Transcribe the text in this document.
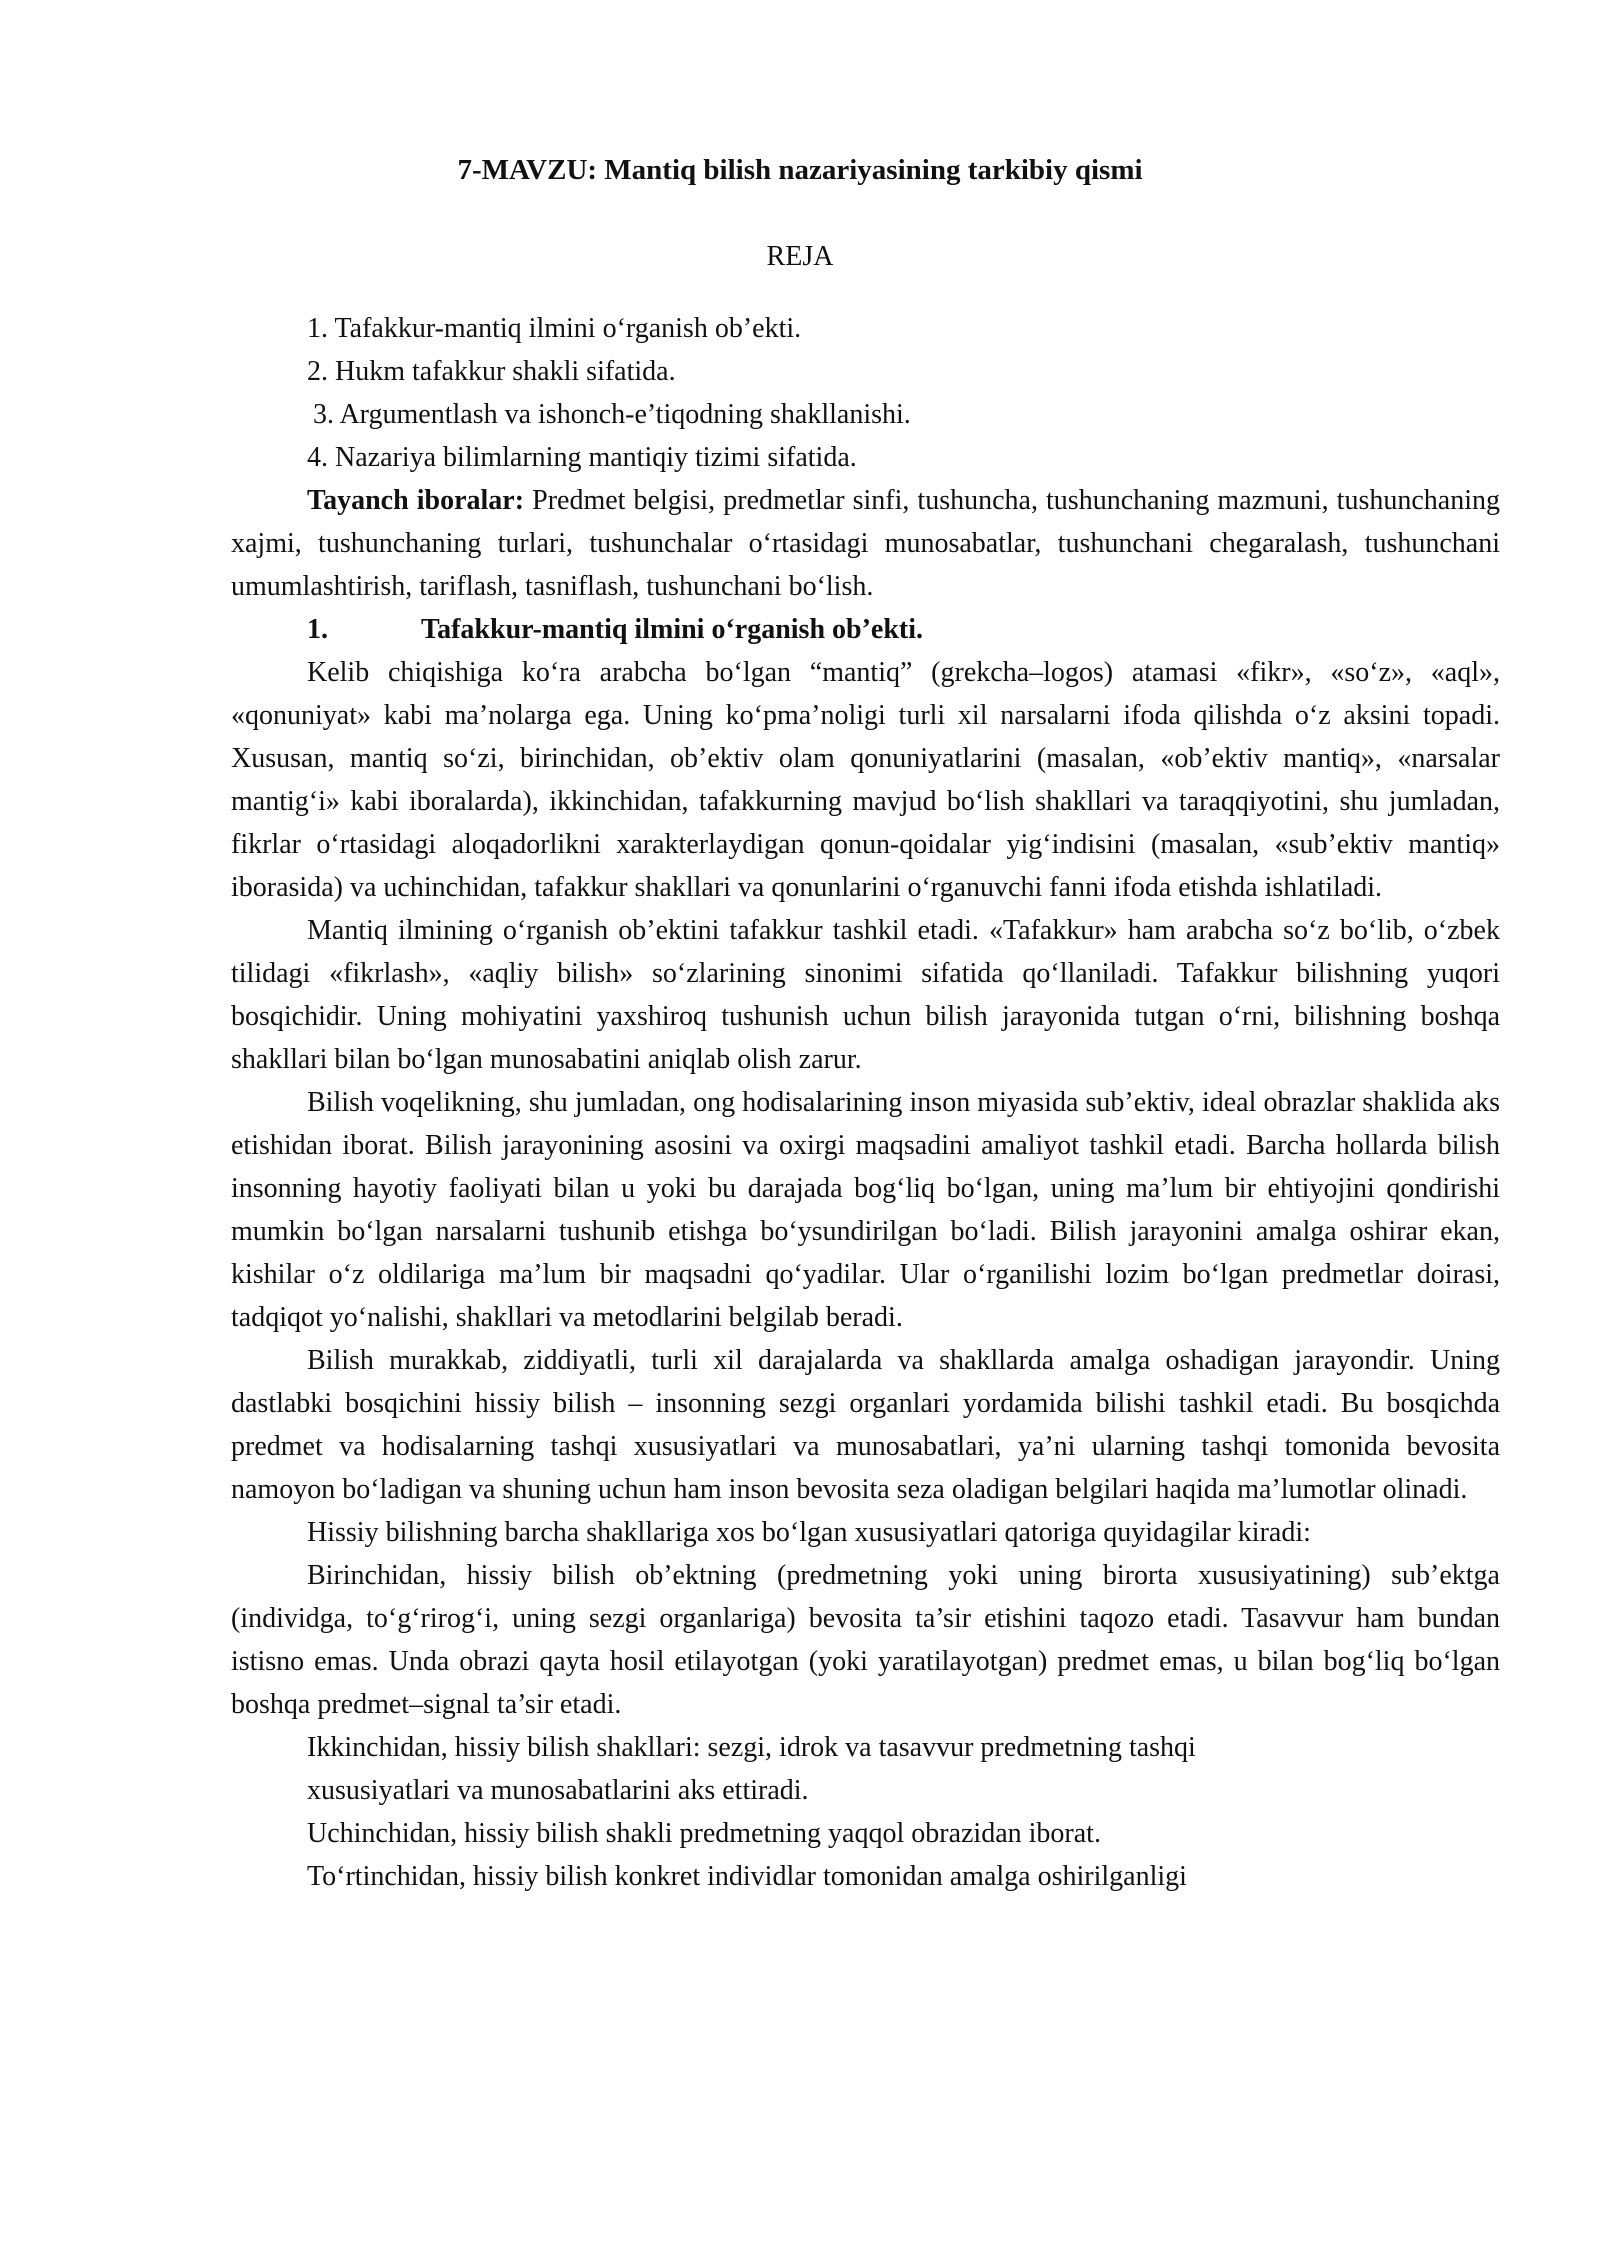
7-MAVZU: Mantiq bilish nazariyasining tarkibiy qismi
REJA

1. Tafakkur-mantiq ilmini o‘rganish ob’ekti.

2. Hukm tafakkur shakli sifatida.

3. Argumentlash va ishonch-e’tiqodning shakllanishi.

4. Nazariya bilimlarning mantiqiy tizimi sifatida.

Tayanch iboralar: Predmet belgisi, predmetlar sinfi, tushuncha, tushunchaning mazmuni, tushunchaning xajmi, tushunchaning turlari, tushunchalar o‘rtasidagi munosabatlar, tushunchani chegaralash, tushunchani umumlashtirish, tariflash, tasniflash, tushunchani bo‘lish.

1.	Tafakkur-mantiq ilmini o‘rganish ob’ekti.

Kelib chiqishiga ko‘ra arabcha bo‘lgan “mantiq” (grekcha–logos) atamasi «fikr», «so‘z», «aql», «qonuniyat» kabi ma’nolarga ega. Uning ko‘pma’noligi turli xil narsalarni ifoda qilishda o‘z aksini topadi. Xususan, mantiq so‘zi, birinchidan, ob’ektiv olam qonuniyatlarini (masalan, «ob’ektiv mantiq», «narsalar mantig‘i» kabi iboralarda), ikkinchidan, tafakkurning mavjud bo‘lish shakllari va taraqqiyotini, shu jumladan, fikrlar o‘rtasidagi aloqadorlikni xarakterlaydigan qonun-qoidalar yig‘indisini (masalan, «sub’ektiv mantiq» iborasida) va uchinchidan, tafakkur shakllari va qonunlarini o‘rganuvchi fanni ifoda etishda ishlatiladi.

Mantiq ilmining o‘rganish ob’ektini tafakkur tashkil etadi. «Tafakkur» ham arabcha so‘z bo‘lib, o‘zbek tilidagi «fikrlash», «aqliy bilish» so‘zlarining sinonimi sifatida qo‘llaniladi. Tafakkur bilishning yuqori bosqichidir. Uning mohiyatini yaxshiroq tushunish uchun bilish jarayonida tutgan o‘rni, bilishning boshqa shakllari bilan bo‘lgan munosabatini aniqlab olish zarur.

Bilish voqelikning, shu jumladan, ong hodisalarining inson miyasida sub’ektiv, ideal obrazlar shaklida aks etishidan iborat. Bilish jarayonining asosini va oxirgi maqsadini amaliyot tashkil etadi. Barcha hollarda bilish insonning hayotiy faoliyati bilan u yoki bu darajada bog‘liq bo‘lgan, uning ma’lum bir ehtiyojini qondirishi mumkin bo‘lgan narsalarni tushunib etishga bo‘ysundirilgan bo‘ladi. Bilish jarayonini amalga oshirar ekan, kishilar o‘z oldilariga ma’lum bir maqsadni qo‘yadilar. Ular o‘rganilishi lozim bo‘lgan predmetlar doirasi, tadqiqot yo‘nalishi, shakllari va metodlarini belgilab beradi.

Bilish murakkab, ziddiyatli, turli xil darajalarda va shakllarda amalga oshadigan jarayondir. Uning dastlabki bosqichini hissiy bilish – insonning sezgi organlari yordamida bilishi tashkil etadi. Bu bosqichda predmet va hodisalarning tashqi xususiyatlari va munosabatlari, ya’ni ularning tashqi tomonida bevosita namoyon bo‘ladigan va shuning uchun ham inson bevosita seza oladigan belgilari haqida ma’lumotlar olinadi.

Hissiy bilishning barcha shakllariga xos bo‘lgan xususiyatlari qatoriga quyidagilar kiradi:

Birinchidan, hissiy bilish ob’ektning (predmetning yoki uning birorta xususiyatining) sub’ektga (individga, to‘g‘rirog‘i, uning sezgi organlariga) bevosita ta’sir etishini taqozo etadi. Tasavvur ham bundan istisno emas. Unda obrazi qayta hosil etilayotgan (yoki yaratilayotgan) predmet emas, u bilan bog‘liq bo‘lgan boshqa predmet–signal ta’sir etadi.

Ikkinchidan, hissiy bilish shakllari: sezgi, idrok va tasavvur predmetning tashqi

xususiyatlari va munosabatlarini aks ettiradi.

Uchinchidan, hissiy bilish shakli predmetning yaqqol obrazidan iborat.

To‘rtinchidan, hissiy bilish konkret individlar tomonidan amalga oshirilganligi
